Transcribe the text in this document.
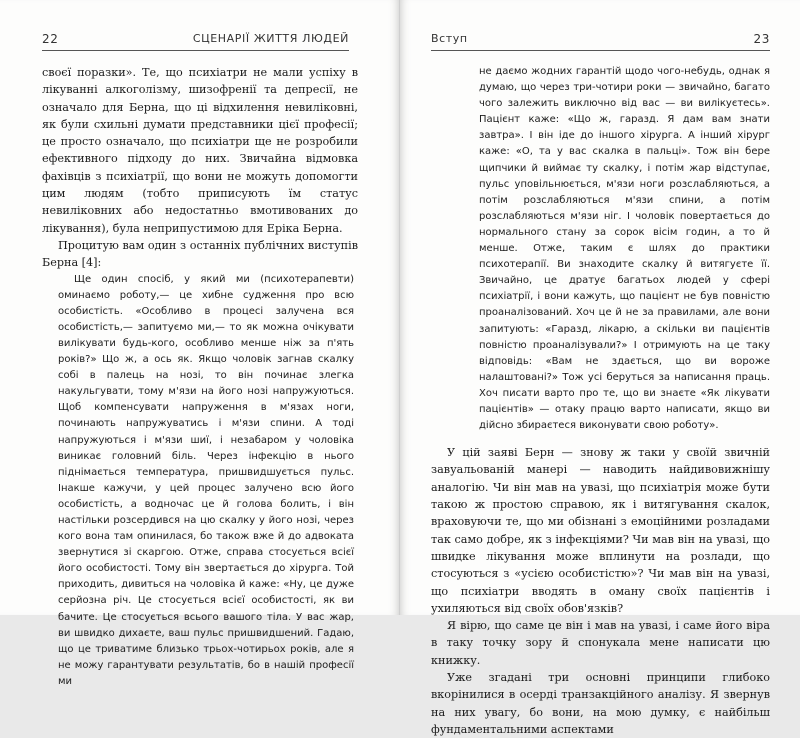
22	СЦЕНАРІЇ ЖИТТЯ ЛЮДЕЙ

своєї поразки». Те, що психіатри не мали успіху в лікуванні алкоголізму, шизофренії та депресії, не означало для Берна, що ці відхилення невиліковні, як були схильні думати представники цієї професії; це просто означало, що психіатри ще не розробили ефективного підходу до них. Звичайна відмовка фахівців з психіатрії, що вони не можуть допомогти цим людям (тобто приписують їм статус невиліковних або недостатньо вмотивованих до лікування), була неприпустимою для Еріка Берна.

Процитую вам один з останніх публічних виступів Берна [4]:

Ще один спосіб, у який ми (психотерапевти) оминаємо роботу,— це хибне судження про всю особистість. «Особливо в процесі залучена вся особистість,— запитуємо ми,— то як можна очікувати вилікувати будь-кого, особливо менше ніж за п'ять років?» Що ж, а ось як. Якщо чоловік загнав скалку собі в палець на нозі, то він починає злегка накульгувати, тому м'язи на його нозі напружуються. Щоб компенсувати напруження в м'язах ноги, починають напружуватись і м'язи спини. А тоді напружуються і м'язи шиї, і незабаром у чоловіка виникає головний біль. Через інфекцію в нього піднімається температура, пришвидшується пульс. Інакше кажучи, у цей процес залучено всю його особистість, а водночас це й голова болить, і він настільки розсердився на цю скалку у його нозі, через кого вона там опинилася, бо також вже й до адвоката звернутися зі скаргою. Отже, справа стосується всієї його особистості. Тому він звертається до хірурга. Той приходить, дивиться на чоловіка й каже: «Ну, це дуже серйозна річ. Це стосується всієї особистості, як ви бачите. Це стосується всього вашого тіла. У вас жар, ви швидко дихаєте, ваш пульс пришвидшений. Гадаю, що це триватиме близько трьох-чотирьох років, але я не можу гарантувати результатів, бо в нашій професії ми

Вступ	23

не даємо жодних гарантій щодо чого-небудь, однак я думаю, що через три-чотири роки — звичайно, багато чого залежить виключно від вас — ви вилікуєтесь». Пацієнт каже: «Що ж, гаразд. Я дам вам знати завтра». І він іде до іншого хірурга. А інший хірург каже: «О, та у вас скалка в пальці». Тож він бере щипчики й виймає ту скалку, і потім жар відступає, пульс уповільнюється, м'язи ноги розслабляються, а потім розслабляються м'язи спини, а потім розслабляються м'язи ніг. І чоловік повертається до нормального стану за сорок вісім годин, а то й менше. Отже, таким є шлях до практики психотерапії. Ви знаходите скалку й витягуєте її. Звичайно, це дратує багатьох людей у сфері психіатрії, і вони кажуть, що пацієнт не був повністю проаналізований. Хоч це й не за правилами, але вони запитують: «Гаразд, лікарю, а скільки ви пацієнтів повністю проаналізували?» І отримують на це таку відповідь: «Вам не здається, що ви вороже налаштовані?» Тож усі беруться за написання праць. Хоч писати варто про те, що ви знаєте «Як лікувати пацієнтів» — отаку працю варто написати, якщо ви дійсно збираєтеся виконувати свою роботу».

У цій заяві Берн — знову ж таки у своїй звичній завуальованій манері — наводить найдивовижнішу аналогію. Чи він мав на увазі, що психіатрія може бути такою ж простою справою, як і витягування скалок, враховуючи те, що ми обізнані з емоційними розладами так само добре, як з інфекціями? Чи мав він на увазі, що швидке лікування може вплинути на розлади, що стосуються з «усією особистістю»? Чи мав він на увазі, що психіатри вводять в оману своїх пацієнтів і ухиляються від своїх обов'язків?

Я вірю, що саме це він і мав на увазі, і саме його віра в таку точку зору й спонукала мене написати цю книжку.

Уже згадані три основні принципи глибоко вкорінилися в осерді трaнзакційного аналізу. Я звернув на них увагу, бо вони, на мою думку, є найбільш фундаментальними аспектами
